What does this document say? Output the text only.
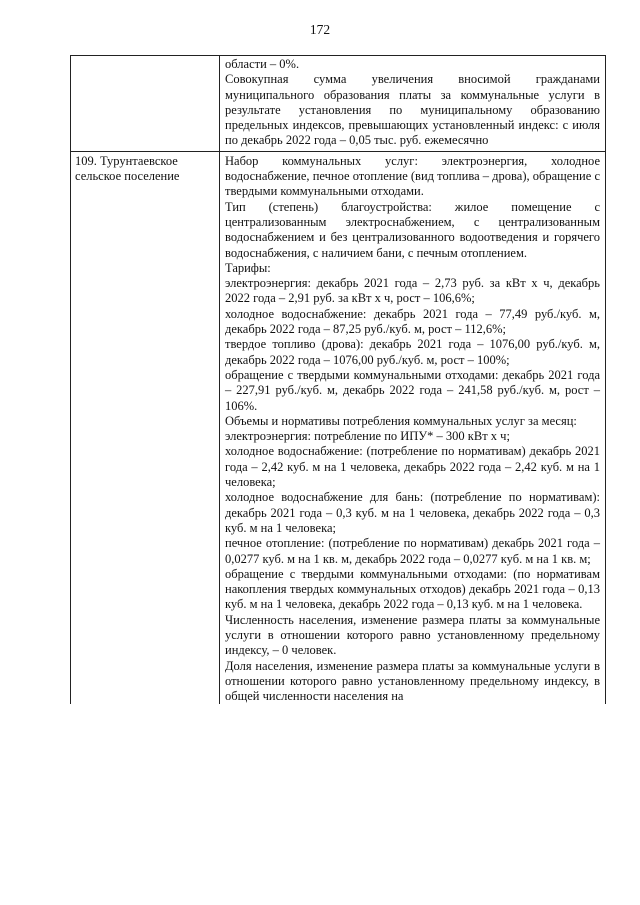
172

области – 0%.

Совокупная сумма увеличения вносимой гражданами муниципального образования платы за коммунальные услуги в результате установления по муниципальному образованию предельных индексов, превышающих установленный индекс: с июля по декабрь 2022 года – 0,05 тыс. руб. ежемесячно

109. Турунтаевское сельское поселение

Набор коммунальных услуг: электроэнергия, холодное водоснабжение, печное отопление (вид топлива – дрова), обращение с твердыми коммунальными отходами.

Тип (степень) благоустройства: жилое помещение с централизованным электроснабжением, с централизованным водоснабжением и без централизованного водоотведения и горячего водоснабжения, с наличием бани, с печным отоплением.

Тарифы:

электроэнергия: декабрь 2021 года – 2,73 руб. за кВт х ч, декабрь 2022 года – 2,91 руб. за кВт х ч, рост – 106,6%;

холодное водоснабжение: декабрь 2021 года – 77,49 руб./куб. м, декабрь 2022 года – 87,25 руб./куб. м, рост – 112,6%;

твердое топливо (дрова): декабрь 2021 года – 1076,00 руб./куб. м, декабрь 2022 года – 1076,00 руб./куб. м, рост – 100%;

обращение с твердыми коммунальными отходами: декабрь 2021 года – 227,91 руб./куб. м, декабрь 2022 года – 241,58 руб./куб. м, рост – 106%.

Объемы и нормативы потребления коммунальных услуг за месяц:

электроэнергия: потребление по ИПУ* – 300 кВт х ч;

холодное водоснабжение: (потребление по нормативам) декабрь 2021 года – 2,42 куб. м на 1 человека, декабрь 2022 года – 2,42 куб. м на 1 человека;

холодное водоснабжение для бань: (потребление по нормативам): декабрь 2021 года – 0,3 куб. м на 1 человека, декабрь 2022 года – 0,3 куб. м на 1 человека;

печное отопление: (потребление по нормативам) декабрь 2021 года – 0,0277 куб. м на 1 кв. м, декабрь 2022 года – 0,0277 куб. м на 1 кв. м;

обращение с твердыми коммунальными отходами: (по нормативам накопления твердых коммунальных отходов) декабрь 2021 года – 0,13 куб. м на 1 человека, декабрь 2022 года – 0,13 куб. м на 1 человека.

Численность населения, изменение размера платы за коммунальные услуги в отношении которого равно установленному предельному индексу, – 0 человек.

Доля населения, изменение размера платы за коммунальные услуги в отношении которого равно установленному предельному индексу, в общей численности населения на
